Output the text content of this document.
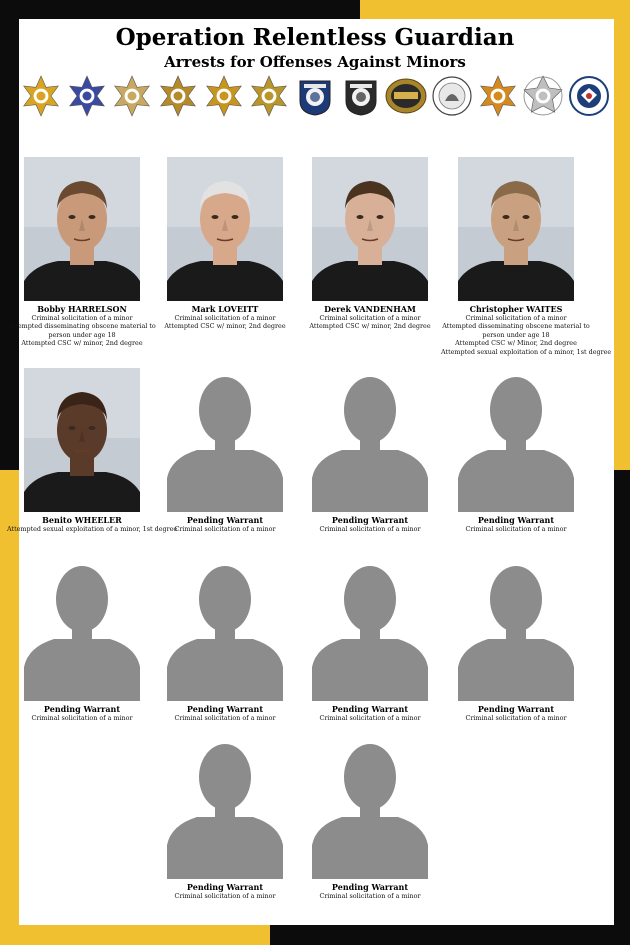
Operation Relentless Guardian
Arrests for Offenses Against Minors
Bobby HARRELSON
Criminal solicitation of a minor
Attempted disseminating obscene material to
person under age 18
Attempted CSC w/ minor, 2nd degree
Mark LOVEITT
Criminal solicitation of a minor
Attempted CSC w/ minor, 2nd degree
Derek VANDENHAM
Criminal solicitation of a minor
Attempted CSC w/ minor, 2nd degree
Christopher WAITES
Criminal solicitation of a minor
Attempted disseminating obscene material to
person under age 18
Attempted CSC w/ Minor, 2nd degree
Attempted sexual exploitation of a minor, 1st degree
Benito WHEELER
Attempted sexual exploitation of a minor, 1st degree
Pending Warrant
Criminal solicitation of a minor
Pending Warrant
Criminal solicitation of a minor
Pending Warrant
Criminal solicitation of a minor
Pending Warrant
Criminal solicitation of a minor
Pending Warrant
Criminal solicitation of a minor
Pending Warrant
Criminal solicitation of a minor
Pending Warrant
Criminal solicitation of a minor
Pending Warrant
Criminal solicitation of a minor
Pending Warrant
Criminal solicitation of a minor
